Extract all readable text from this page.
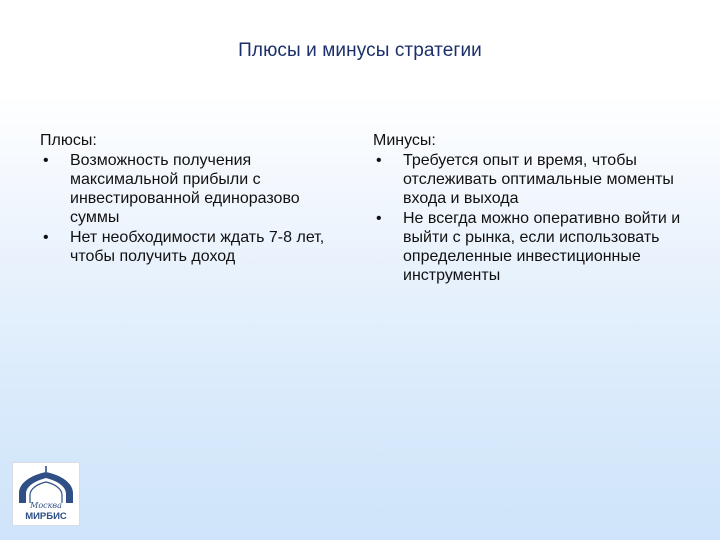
Плюсы и минусы стратегии
Плюсы:
• Возможность получения максимальной прибыли с инвестированной единоразово суммы
• Нет необходимости ждать 7-8 лет, чтобы получить доход
Минусы:
• Требуется опыт и время, чтобы отслеживать оптимальные моменты входа и выхода
• Не всегда можно оперативно войти и выйти с рынка, если использовать определенные инвестиционные инструменты
Москва
МИРБИС
